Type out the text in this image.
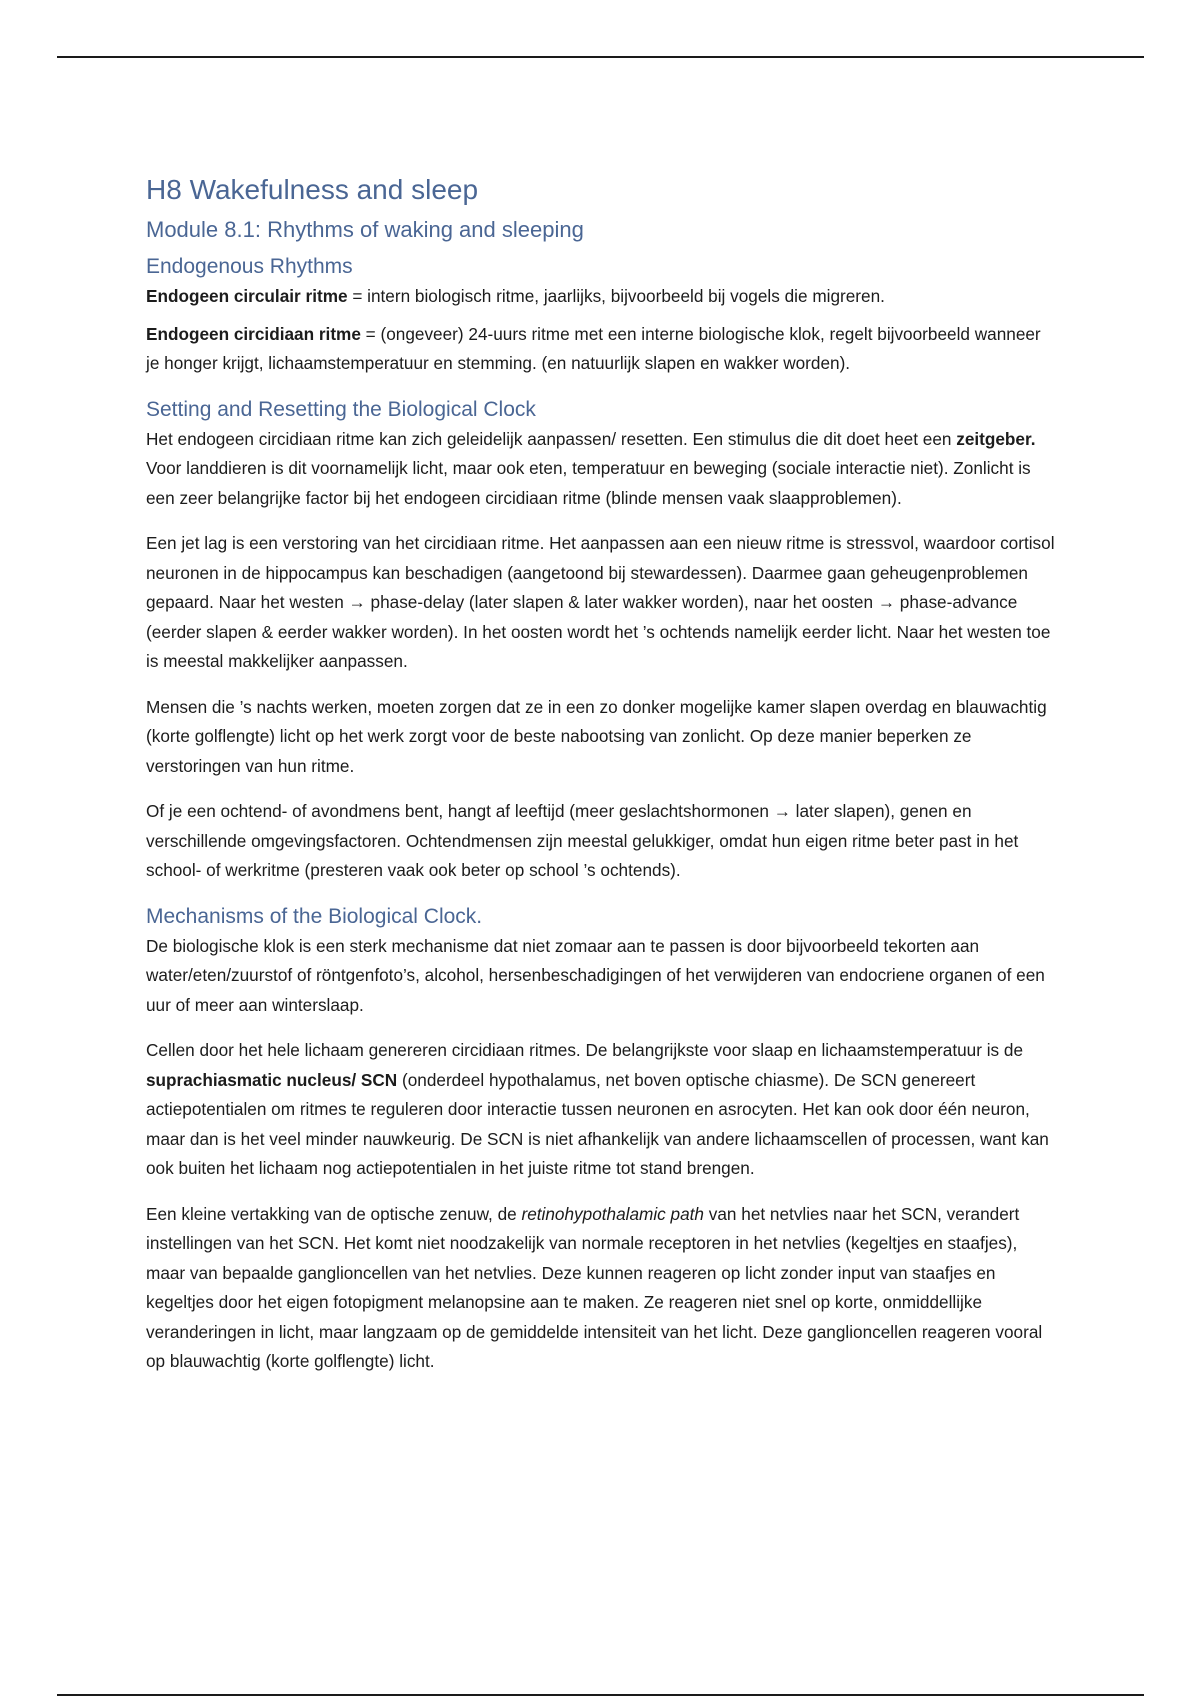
H8 Wakefulness and sleep
Module 8.1: Rhythms of waking and sleeping
Endogenous Rhythms

Endogeen circulair ritme = intern biologisch ritme, jaarlijks, bijvoorbeeld bij vogels die migreren.

Endogeen circidiaan ritme = (ongeveer) 24-uurs ritme met een interne biologische klok, regelt bijvoorbeeld wanneer je honger krijgt, lichaamstemperatuur en stemming. (en natuurlijk slapen en wakker worden).

Setting and Resetting the Biological Clock

Het endogeen circidiaan ritme kan zich geleidelijk aanpassen/ resetten. Een stimulus die dit doet heet een zeitgeber. Voor landdieren is dit voornamelijk licht, maar ook eten, temperatuur en beweging (sociale interactie niet). Zonlicht is een zeer belangrijke factor bij het endogeen circidiaan ritme (blinde mensen vaak slaapproblemen).

Een jet lag is een verstoring van het circidiaan ritme. Het aanpassen aan een nieuw ritme is stressvol, waardoor cortisol neuronen in de hippocampus kan beschadigen (aangetoond bij stewardessen). Daarmee gaan geheugenproblemen gepaard. Naar het westen → phase-delay (later slapen & later wakker worden), naar het oosten → phase-advance (eerder slapen & eerder wakker worden). In het oosten wordt het ’s ochtends namelijk eerder licht. Naar het westen toe is meestal makkelijker aanpassen.

Mensen die ’s nachts werken, moeten zorgen dat ze in een zo donker mogelijke kamer slapen overdag en blauwachtig (korte golflengte) licht op het werk zorgt voor de beste nabootsing van zonlicht. Op deze manier beperken ze verstoringen van hun ritme.

Of je een ochtend- of avondmens bent, hangt af leeftijd (meer geslachtshormonen → later slapen), genen en verschillende omgevingsfactoren. Ochtendmensen zijn meestal gelukkiger, omdat hun eigen ritme beter past in het school- of werkritme (presteren vaak ook beter op school ’s ochtends).

Mechanisms of the Biological Clock.

De biologische klok is een sterk mechanisme dat niet zomaar aan te passen is door bijvoorbeeld tekorten aan water/eten/zuurstof of röntgenfoto’s, alcohol, hersenbeschadigingen of het verwijderen van endocriene organen of een uur of meer aan winterslaap.

Cellen door het hele lichaam genereren circidiaan ritmes. De belangrijkste voor slaap en lichaamstemperatuur is de suprachiasmatic nucleus/ SCN (onderdeel hypothalamus, net boven optische chiasme). De SCN genereert actiepotentialen om ritmes te reguleren door interactie tussen neuronen en asrocyten. Het kan ook door één neuron, maar dan is het veel minder nauwkeurig. De SCN is niet afhankelijk van andere lichaamscellen of processen, want kan ook buiten het lichaam nog actiepotentialen in het juiste ritme tot stand brengen.

Een kleine vertakking van de optische zenuw, de retinohypothalamic path van het netvlies naar het SCN, verandert instellingen van het SCN. Het komt niet noodzakelijk van normale receptoren in het netvlies (kegeltjes en staafjes), maar van bepaalde ganglioncellen van het netvlies. Deze kunnen reageren op licht zonder input van staafjes en kegeltjes door het eigen fotopigment melanopsine aan te maken. Ze reageren niet snel op korte, onmiddellijke veranderingen in licht, maar langzaam op de gemiddelde intensiteit van het licht. Deze ganglioncellen reageren vooral op blauwachtig (korte golflengte) licht.
